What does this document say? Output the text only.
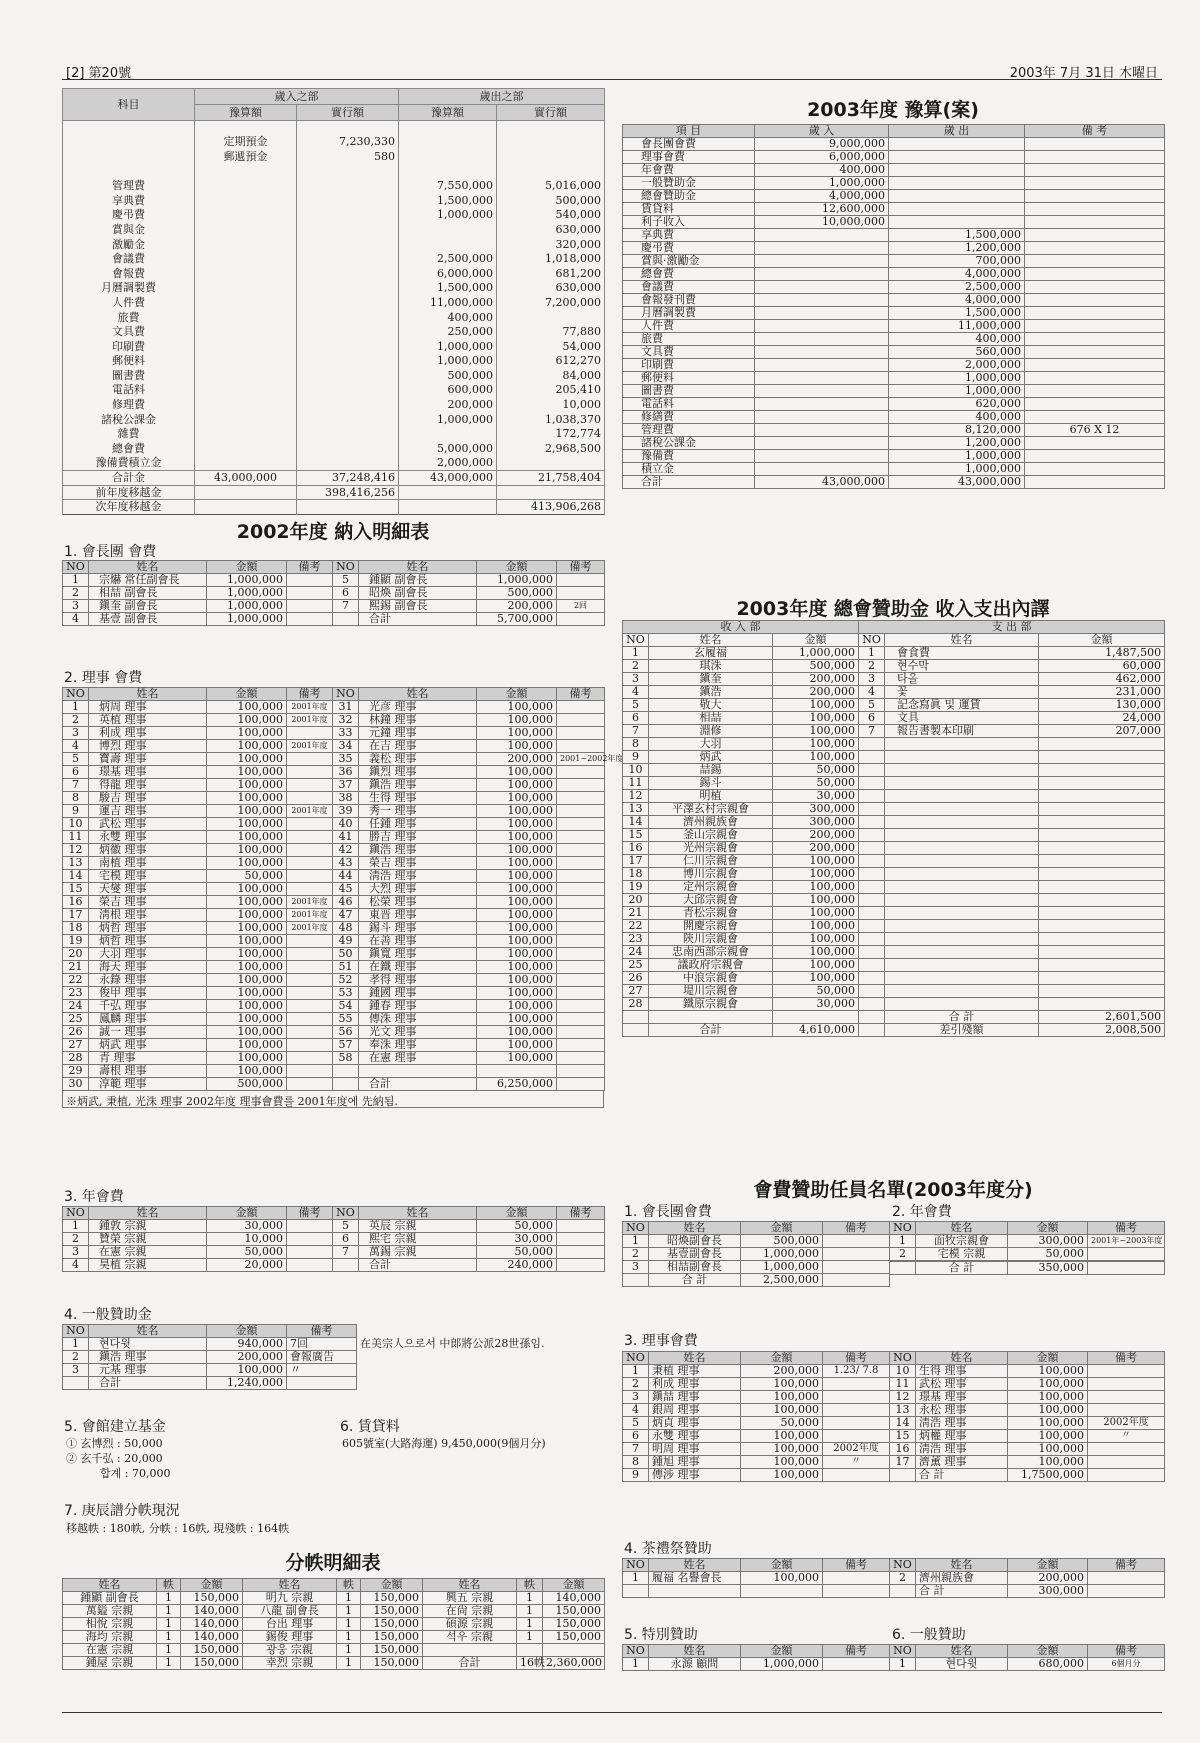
[2] 第20號	2003年 7月 31日 木曜日
科目	歲入之部		歲出之部	
	豫算額	實行額	豫算額	實行額

	定期預金	7,230,330		
	郵遞預金	580		

管理費			7,550,000	5,016,000
享典費			1,500,000	500,000
慶弔費			1,000,000	540,000
賞與金				630,000
激勵金				320,000
會議費			2,500,000	1,018,000
會報費			6,000,000	681,200
月曆調製費			1,500,000	630,000
人件費			11,000,000	7,200,000
旅費			400,000	
文具費			250,000	77,880
印刷費			1,000,000	54,000
郵便料			1,000,000	612,270
圖書費			500,000	84,000
電話料			600,000	205,410
修理費			200,000	10,000
諸稅公課金			1,000,000	1,038,370
雜費				172,774
總會費			5,000,000	2,968,500
豫備費積立金			2,000,000	
合計金	43,000,000	37,248,416	43,000,000	21,758,404
前年度移越金		398,416,256		
次年度移越金				413,906,268
2002年度 納入明細表
1. 會長團 會費
NO	姓名	金額	備考	NO	姓名	金額	備考
1	宗爀 常任副會長	1,000,000		5	鍾顯 副會長	1,000,000	
2	相喆 副會長	1,000,000		6	昭煥 副會長	500,000	
3	鎭奎 副會長	1,000,000		7	熙錫 副會長	200,000	2回
4	基壹 副會長	1,000,000			合計	5,700,000	
2. 理事 會費
NO	姓名	金額	備考	NO	姓名	金額	備考
1	炳周 理事	100,000	2001年度	31	光彦 理事	100,000	
2	英植 理事	100,000	2001年度	32	林鐘 理事	100,000	
3	利成 理事	100,000		33	元鐘 理事	100,000	
4	博烈 理事	100,000	2001年度	34	在吉 理事	100,000	
5	寶壽 理事	100,000		35	義松 理事	200,000	2001~2002年度
6	璟基 理事	100,000		36	鎭烈 理事	100,000	
7	得龍 理事	100,000		37	鎭浩 理事	100,000	
8	駿吉 理事	100,000		38	生得 理事	100,000	
9	運吉 理事	100,000	2001年度	39	秀一 理事	100,000	
10	武松 理事	100,000		40	任鍾 理事	100,000	
11	永雙 理事	100,000		41	勝吉 理事	100,000	
12	炳徽 理事	100,000		42	鎭浩 理事	100,000	
13	南植 理事	100,000		43	榮吉 理事	100,000	
14	宅模 理事	50,000		44	淸浩 理事	100,000	
15	天燮 理事	100,000		45	大烈 理事	100,000	
16	榮吉 理事	100,000	2001年度	46	松榮 理事	100,000	
17	淸根 理事	100,000	2001年度	47	東晋 理事	100,000	
18	炳哲 理事	100,000	2001年度	48	錫斗 理事	100,000	
19	炳哲 理事	100,000		49	在善 理事	100,000	
20	大羽 理事	100,000		50	鎭寬 理事	100,000	
21	海天 理事	100,000		51	在鐵 理事	100,000	
22	永錄 理事	100,000		52	孝得 理事	100,000	
23	俊甲 理事	100,000		53	鍾國 理事	100,000	
24	千弘 理事	100,000		54	鍾春 理事	100,000	
25	鳳麟 理事	100,000		55	傳洙 理事	100,000	
26	誠一 理事	100,000		56	光文 理事	100,000	
27	炳武 理事	100,000		57	奉洙 理事	100,000	
28	青 理事	100,000		58	在憲 理事	100,000	
29	壽根 理事	100,000					
30	淳範 理事	500,000			合計	6,250,000	
※炳武, 秉植, 光洙 理事 2002年度 理事會費를 2001年度에 先納됨.
3. 年會費
NO	姓名	金額	備考	NO	姓名	金額	備考
1	鍾敦 宗親	30,000		5	英辰 宗親	50,000	
2	贊榮 宗親	10,000		6	熙宅 宗親	30,000	
3	在憲 宗親	50,000		7	萬錫 宗親	50,000	
4	昊植 宗親	20,000			合計	240,000	
4. 一般贊助金
NO	姓名	金額	備考	
1	현다윗	940,000	7回	在美宗人으로서 中郞將公派28世孫임.
2	鎭浩 理事	200,000	會報廣告	
3	元基 理事	100,000	〃	
	合計	1,240,000		
5. 會館建立基金
① 玄博烈 : 50,000
② 玄千弘 : 20,000
합계 : 70,000
6. 賃貸料
605號室(大路海運) 9,450,000(9個月分)
7. 庚辰譜分帙現況
移越帙 : 180帙, 分帙 : 16帙, 現殘帙 : 164帙
分帙明細表
姓名	帙	金額	姓名	帙	金額	姓名	帙	金額
鍾顯 副會長	1	150,000	明九 宗親	1	150,000	興五 宗親	1	140,000
萬鎰 宗親	1	140,000	八龍 副會長	1	150,000	在尙 宗親	1	150,000
相悅 宗親	1	140,000	台出 理事	1	150,000	碩源 宗親	1	150,000
海均 宗親	1	140,000	錫俊 理事	1	150,000	석우 宗親	1	150,000
在憲 宗親	1	150,000	광웅 宗親	1	150,000			
鍾屋 宗親	1	150,000	幸烈 宗親	1	150,000	合計	16帙	2,360,000
2003年度 豫算(案)
項 目	歲 入	歲 出	備 考
會長團會費	9,000,000		
理事會費	6,000,000		
年會費	400,000		
一般贊助金	1,000,000		
總會贊助金	4,000,000		
賃貸料	12,600,000		
利子收入	10,000,000		
享典費		1,500,000	
慶弔費		1,200,000	
賞與·激勵金		700,000	
總會費		4,000,000	
會議費		2,500,000	
會報發刊費		4,000,000	
月曆調製費		1,500,000	
人件費		11,000,000	
旅費		400,000	
文具費		560,000	
印刷費		2,000,000	
郵便料		1,000,000	
圖書費		1,000,000	
電話料		620,000	
修繕費		400,000	
管理費		8,120,000	676 X 12
諸稅公課金		1,200,000	
豫備費		1,000,000	
積立金		1,000,000	
合計	43,000,000	43,000,000	
2003年度 總會贊助金 收入支出內譯
收 入 部			支 出 部		
NO	姓名	金額	NO	姓名	金額
1	玄履福	1,000,000	1	會食費	1,487,500
2	琪洙	500,000	2	현수막	60,000
3	鎭奎	200,000	3	타올	462,000
4	鎭浩	200,000	4	꽃	231,000
5	敬大	100,000	5	記念寫眞 및 運賃	130,000
6	相喆	100,000	6	文具	24,000
7	淵修	100,000	7	報告書製本印刷	207,000
8	大羽	100,000			
9	炳武	100,000			
10	喆錫	50,000			
11	錫斗	50,000			
12	明植	30,000			
13	平澤玄村宗親會	300,000			
14	濟州親族會	300,000			
15	釜山宗親會	200,000			
16	光州宗親會	200,000			
17	仁川宗親會	100,000			
18	博川宗親會	100,000			
19	定州宗親會	100,000			
20	大邱宗親會	100,000			
21	青松宗親會	100,000			
22	開慶宗親會	100,000			
23	陝川宗親會	100,000			
24	忠南西部宗親會	100,000			
25	議政府宗親會	100,000			
26	中浪宗親會	100,000			
27	堤川宗親會	50,000			
28	鐵原宗親會	30,000			
				合 計	2,601,500
	合計	4,610,000		差引殘額	2,008,500
會費贊助任員名單(2003年度分)
1. 會長團會費	2. 年會費
NO	姓名	金額	備考
1	昭煥副會長	500,000	
2	基壹副會長	1,000,000	
3	相喆副會長	1,000,000	
	合 計	2,500,000	
NO	姓名	金額	備考
1	面牧宗親會	300,000	2001年~2003年度
2	宅模 宗親	50,000	

	合 計	350,000	
3. 理事會費
NO	姓名	金額	備考	NO	姓名	金額	備考
1	秉植 理事	200,000	1.23/ 7.8	10	生得 理事	100,000	
2	利成 理事	100,000		11	武松 理事	100,000	
3	鎭喆 理事	100,000		12	璟基 理事	100,000	
4	銀周 理事	100,000		13	永松 理事	100,000	
5	炳貞 理事	50,000		14	淸浩 理事	100,000	2002年度
6	永雙 理事	100,000		15	炳權 理事	100,000	〃
7	明周 理事	100,000	2002年度	16	淸浩 理事	100,000	
8	鍾旭 理事	100,000	〃	17	濟薰 理事	100,000	
9	傳涉 理事	100,000			合 計	1,7500,000	
4. 茶禮祭贊助
NO	姓名	金額	備考	NO	姓名	金額	備考
1	履福 名譽會長	100,000		2	濟州親族會	200,000	
					合 計	300,000	
5. 特別贊助	6. 一般贊助
NO	姓名	金額	備考
1	永源 顧問	1,000,000	
NO	姓名	金額	備考
1	현다윗	680,000	6個月分
